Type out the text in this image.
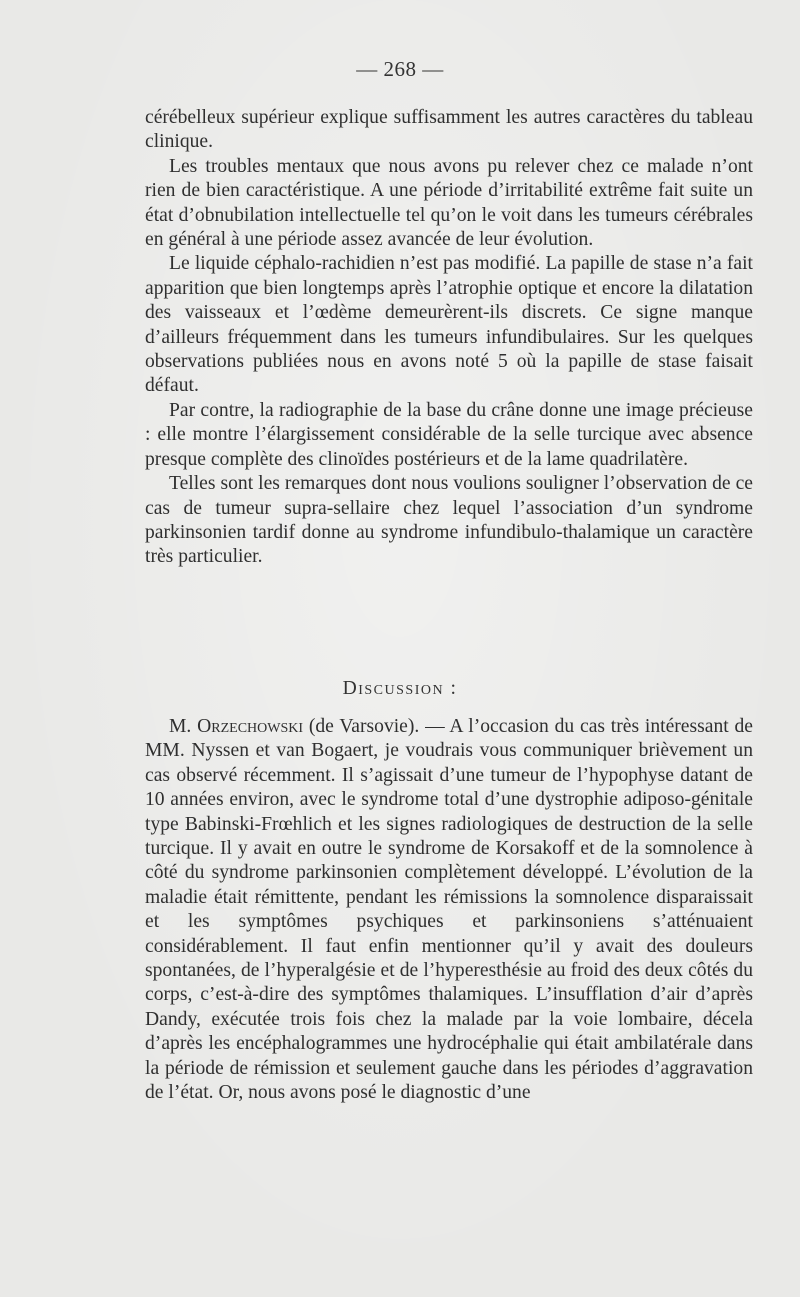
— 268 —

cérébelleux supérieur explique suffisamment les autres caractères du tableau clinique.

Les troubles mentaux que nous avons pu relever chez ce malade n’ont rien de bien caractéristique. A une période d’irritabilité extrême fait suite un état d’obnubilation intellectuelle tel qu’on le voit dans les tumeurs cérébrales en général à une période assez avancée de leur évolution.

Le liquide céphalo-rachidien n’est pas modifié. La papille de stase n’a fait apparition que bien longtemps après l’atrophie optique et encore la dilatation des vaisseaux et l’œdème demeurèrent-ils discrets. Ce signe manque d’ailleurs fréquemment dans les tumeurs infundibulaires. Sur les quelques observations publiées nous en avons noté 5 où la papille de stase faisait défaut.

Par contre, la radiographie de la base du crâne donne une image précieuse : elle montre l’élargissement considérable de la selle turcique avec absence presque complète des clinoïdes postérieurs et de la lame quadrilatère.

Telles sont les remarques dont nous voulions souligner l’observation de ce cas de tumeur supra-sellaire chez lequel l’association d’un syndrome parkinsonien tardif donne au syndrome infundibulo-thalamique un caractère très particulier.

Discussion :

M. Orzechowski (de Varsovie). — A l’occasion du cas très intéressant de MM. Nyssen et van Bogaert, je voudrais vous communiquer brièvement un cas observé récemment. Il s’agissait d’une tumeur de l’hypophyse datant de 10 années environ, avec le syndrome total d’une dystrophie adiposo-génitale type Babinski-Frœhlich et les signes radiologiques de destruction de la selle turcique. Il y avait en outre le syndrome de Korsakoff et de la somnolence à côté du syndrome parkinsonien complètement développé. L’évolution de la maladie était rémittente, pendant les rémissions la somnolence disparaissait et les symptômes psychiques et parkinsoniens s’atténuaient considérablement. Il faut enfin mentionner qu’il y avait des douleurs spontanées, de l’hyperalgésie et de l’hyperesthésie au froid des deux côtés du corps, c’est-à-dire des symptômes thalamiques. L’insufflation d’air d’après Dandy, exécutée trois fois chez la malade par la voie lombaire, décela d’après les encéphalogrammes une hydrocéphalie qui était ambilatérale dans la période de rémission et seulement gauche dans les périodes d’aggravation de l’état. Or, nous avons posé le diagnostic d’une
